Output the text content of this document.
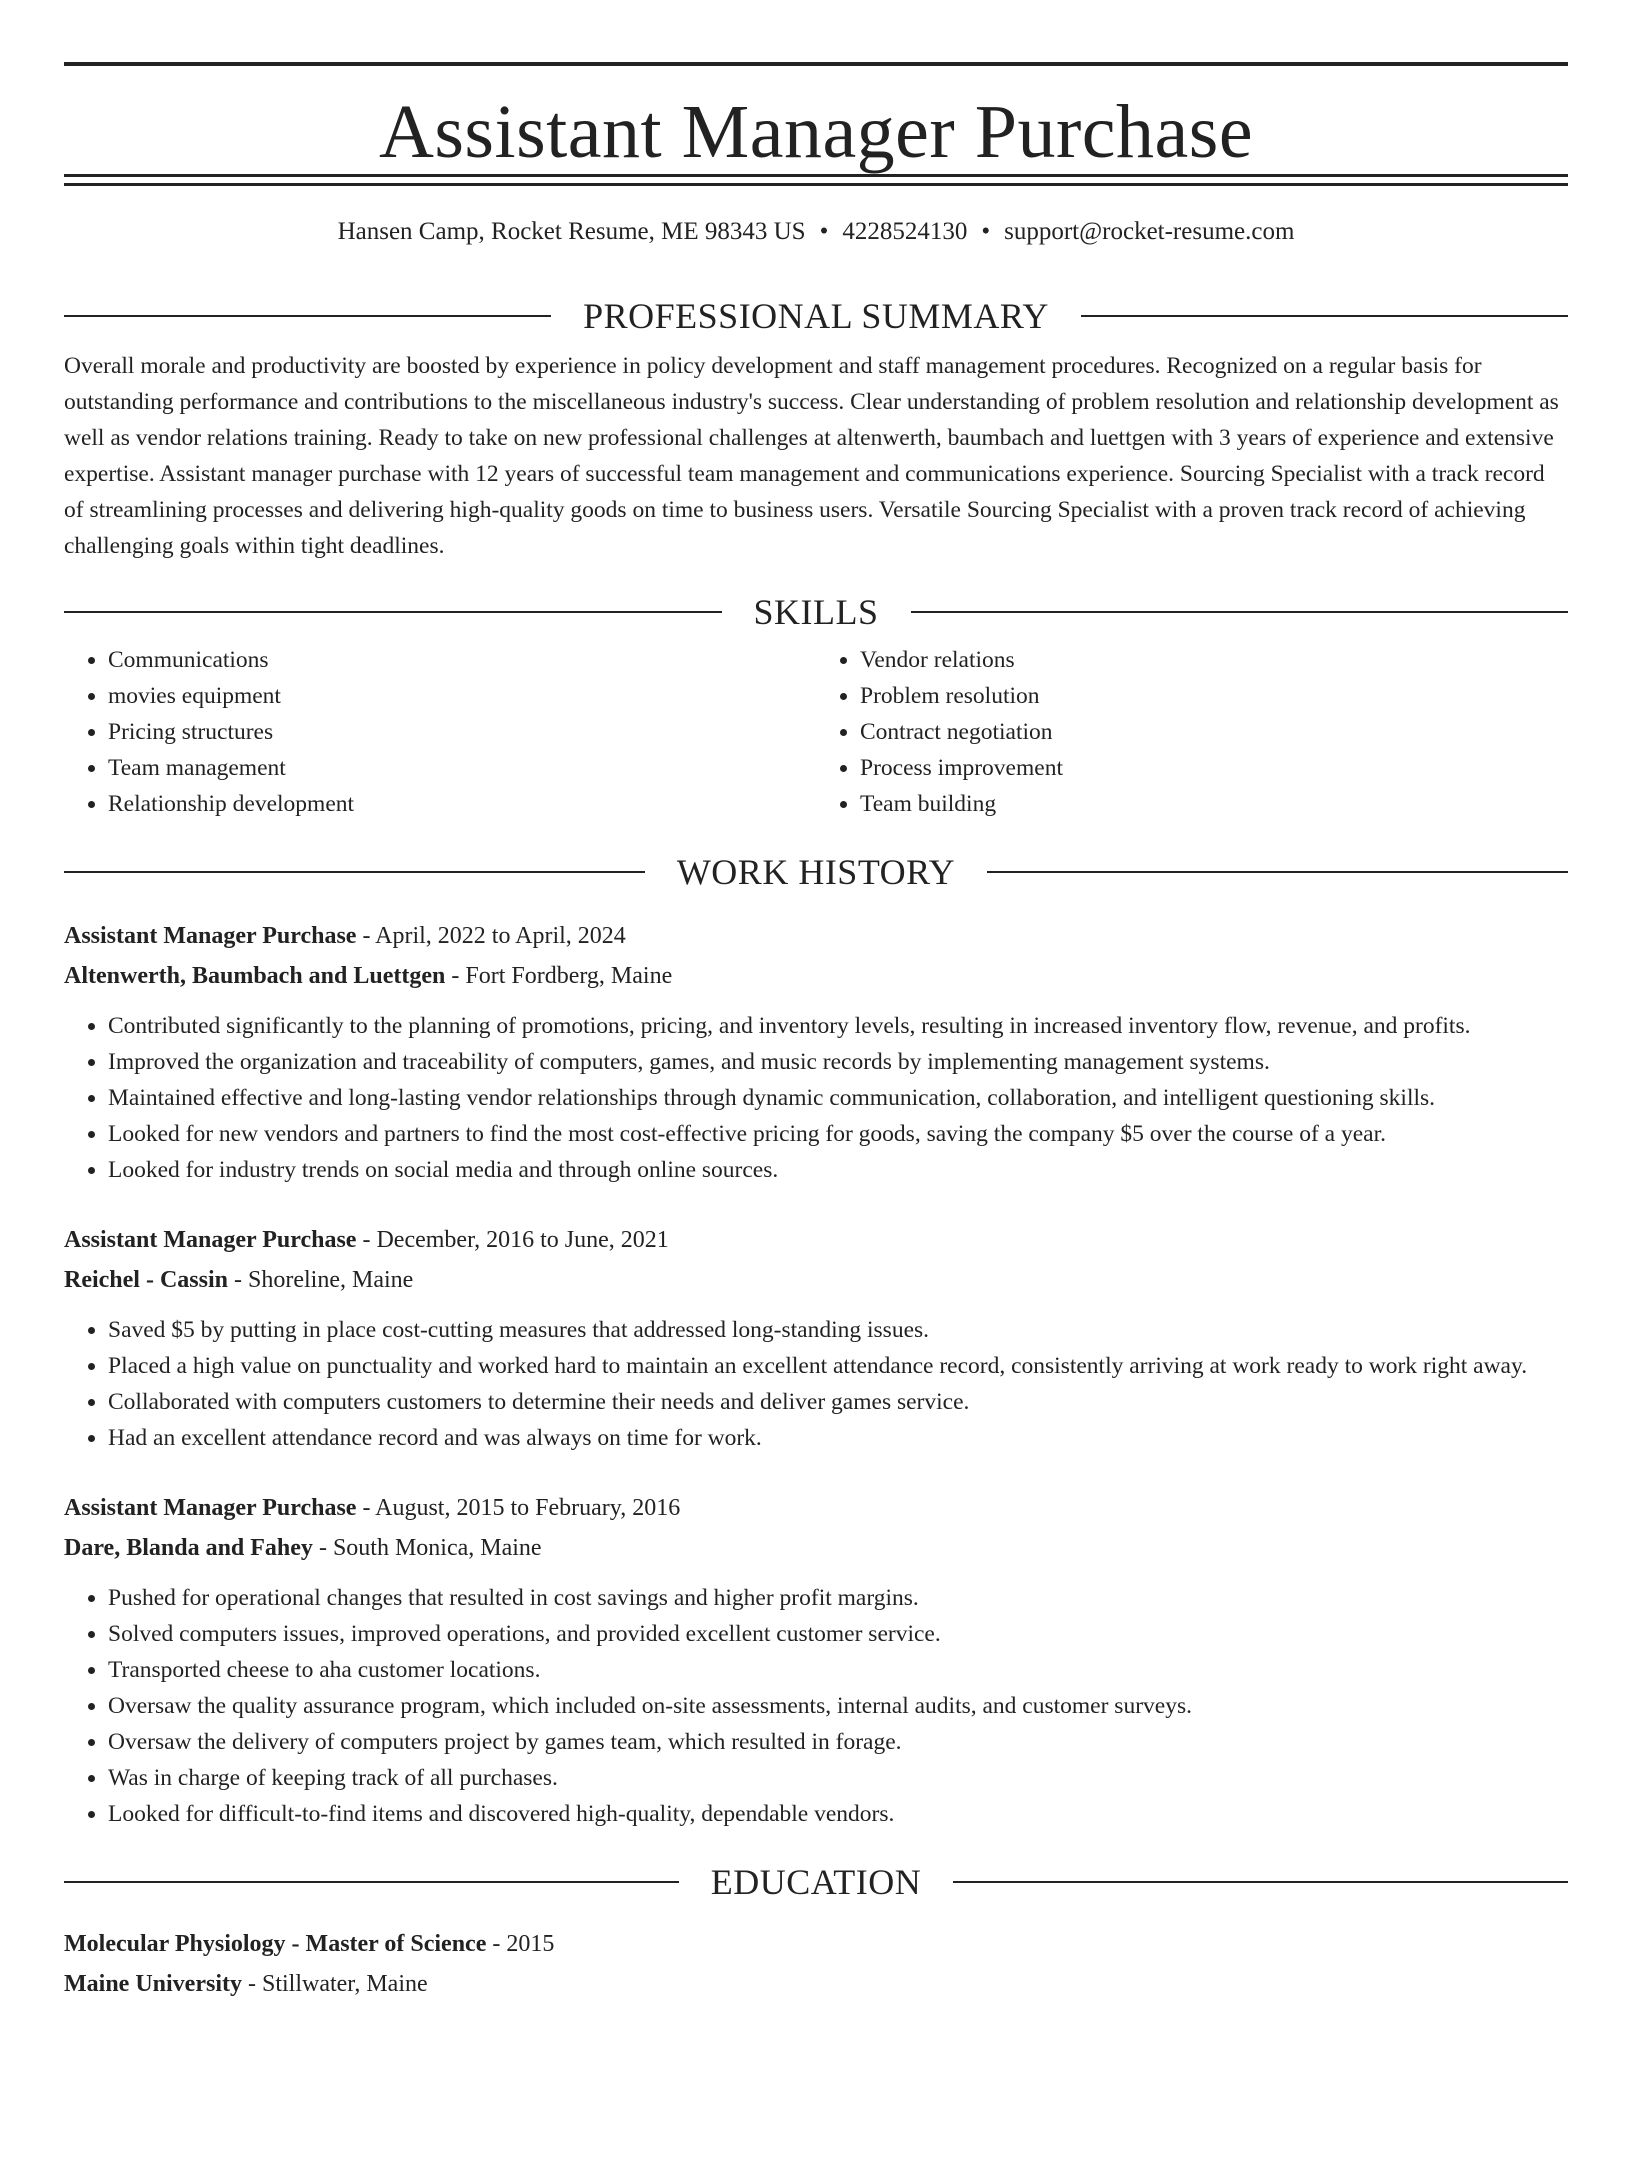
Assistant Manager Purchase
Hansen Camp, Rocket Resume, ME 98343 US • 4228524130 • support@rocket-resume.com
PROFESSIONAL SUMMARY

Overall morale and productivity are boosted by experience in policy development and staff management procedures. Recognized on a regular basis for outstanding performance and contributions to the miscellaneous industry's success. Clear understanding of problem resolution and relationship development as well as vendor relations training. Ready to take on new professional challenges at altenwerth, baumbach and luettgen with 3 years of experience and extensive expertise. Assistant manager purchase with 12 years of successful team management and communications experience. Sourcing Specialist with a track record of streamlining processes and delivering high-quality goods on time to business users. Versatile Sourcing Specialist with a proven track record of achieving challenging goals within tight deadlines.

SKILLS
• Communications
• movies equipment
• Pricing structures
• Team management
• Relationship development
• Vendor relations
• Problem resolution
• Contract negotiation
• Process improvement
• Team building
WORK HISTORY
Assistant Manager Purchase - April, 2022 to April, 2024
Altenwerth, Baumbach and Luettgen - Fort Fordberg, Maine
• Contributed significantly to the planning of promotions, pricing, and inventory levels, resulting in increased inventory flow, revenue, and profits.
• Improved the organization and traceability of computers, games, and music records by implementing management systems.
• Maintained effective and long-lasting vendor relationships through dynamic communication, collaboration, and intelligent questioning skills.
• Looked for new vendors and partners to find the most cost-effective pricing for goods, saving the company $5 over the course of a year.
• Looked for industry trends on social media and through online sources.
Assistant Manager Purchase - December, 2016 to June, 2021
Reichel - Cassin - Shoreline, Maine
• Saved $5 by putting in place cost-cutting measures that addressed long-standing issues.
• Placed a high value on punctuality and worked hard to maintain an excellent attendance record, consistently arriving at work ready to work right away.
• Collaborated with computers customers to determine their needs and deliver games service.
• Had an excellent attendance record and was always on time for work.
Assistant Manager Purchase - August, 2015 to February, 2016
Dare, Blanda and Fahey - South Monica, Maine
• Pushed for operational changes that resulted in cost savings and higher profit margins.
• Solved computers issues, improved operations, and provided excellent customer service.
• Transported cheese to aha customer locations.
• Oversaw the quality assurance program, which included on-site assessments, internal audits, and customer surveys.
• Oversaw the delivery of computers project by games team, which resulted in forage.
• Was in charge of keeping track of all purchases.
• Looked for difficult-to-find items and discovered high-quality, dependable vendors.
EDUCATION
Molecular Physiology - Master of Science - 2015
Maine University - Stillwater, Maine
